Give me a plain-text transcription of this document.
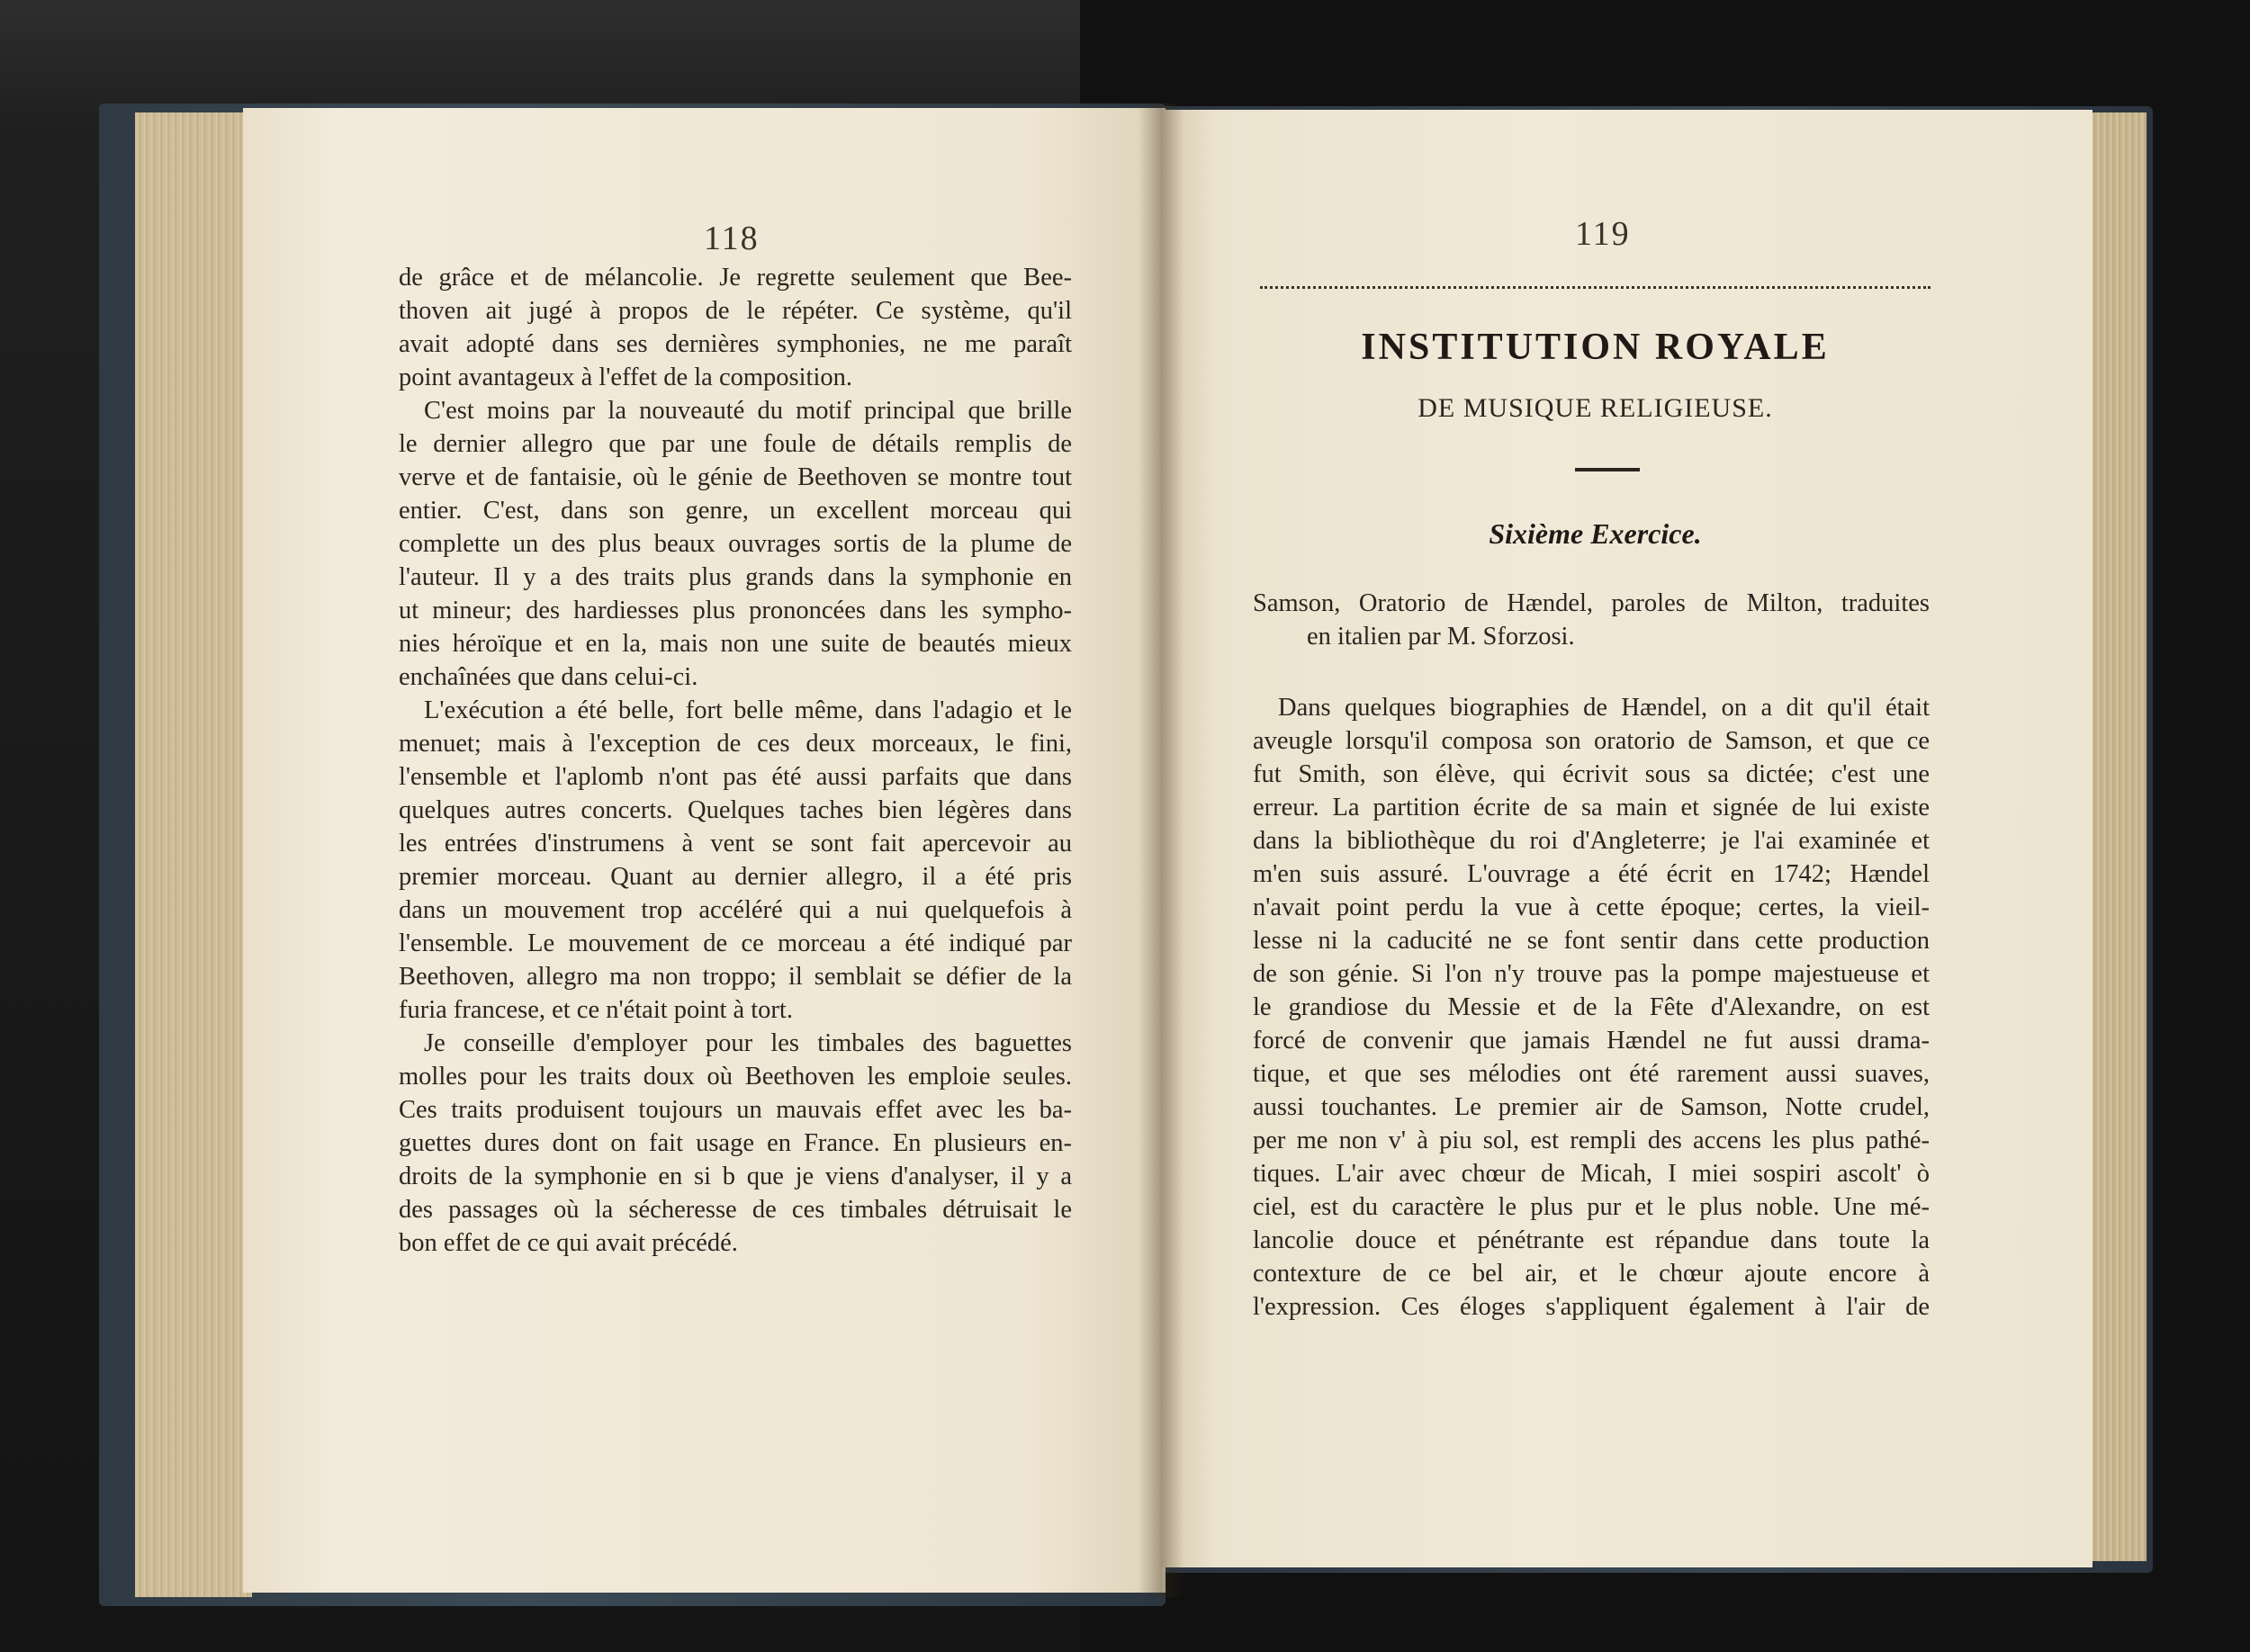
118
de grâce et de mélancolie. Je regrette seulement que Bee-
thoven ait jugé à propos de le répéter. Ce système, qu'il
avait adopté dans ses dernières symphonies, ne me paraît
point avantageux à l'effet de la composition.
C'est moins par la nouveauté du motif principal que brille
le dernier allegro que par une foule de détails remplis de
verve et de fantaisie, où le génie de Beethoven se montre tout
entier. C'est, dans son genre, un excellent morceau qui
complette un des plus beaux ouvrages sortis de la plume de
l'auteur. Il y a des traits plus grands dans la symphonie en
ut mineur; des hardiesses plus prononcées dans les sympho-
nies héroïque et en la, mais non une suite de beautés mieux
enchaînées que dans celui-ci.
L'exécution a été belle, fort belle même, dans l'adagio et le
menuet; mais à l'exception de ces deux morceaux, le fini,
l'ensemble et l'aplomb n'ont pas été aussi parfaits que dans
quelques autres concerts. Quelques taches bien légères dans
les entrées d'instrumens à vent se sont fait apercevoir au
premier morceau. Quant au dernier allegro, il a été pris
dans un mouvement trop accéléré qui a nui quelquefois à
l'ensemble. Le mouvement de ce morceau a été indiqué par
Beethoven, allegro ma non troppo; il semblait se défier de la
furia francese, et ce n'était point à tort.
Je conseille d'employer pour les timbales des baguettes
molles pour les traits doux où Beethoven les emploie seules.
Ces traits produisent toujours un mauvais effet avec les ba-
guettes dures dont on fait usage en France. En plusieurs en-
droits de la symphonie en si b que je viens d'analyser, il y a
des passages où la sécheresse de ces timbales détruisait le
bon effet de ce qui avait précédé.
119
INSTITUTION ROYALE
DE MUSIQUE RELIGIEUSE.
Sixième Exercice.
Samson, Oratorio de Hændel, paroles de Milton, traduites
en italien par M. Sforzosi.
Dans quelques biographies de Hændel, on a dit qu'il était
aveugle lorsqu'il composa son oratorio de Samson, et que ce
fut Smith, son élève, qui écrivit sous sa dictée; c'est une
erreur. La partition écrite de sa main et signée de lui existe
dans la bibliothèque du roi d'Angleterre; je l'ai examinée et
m'en suis assuré. L'ouvrage a été écrit en 1742; Hændel
n'avait point perdu la vue à cette époque; certes, la vieil-
lesse ni la caducité ne se font sentir dans cette production
de son génie. Si l'on n'y trouve pas la pompe majestueuse et
le grandiose du Messie et de la Fête d'Alexandre, on est
forcé de convenir que jamais Hændel ne fut aussi drama-
tique, et que ses mélodies ont été rarement aussi suaves,
aussi touchantes. Le premier air de Samson, Notte crudel,
per me non v' à piu sol, est rempli des accens les plus pathé-
tiques. L'air avec chœur de Micah, I miei sospiri ascolt' ò
ciel, est du caractère le plus pur et le plus noble. Une mé-
lancolie douce et pénétrante est répandue dans toute la
contexture de ce bel air, et le chœur ajoute encore à
l'expression. Ces éloges s'appliquent également à l'air de
